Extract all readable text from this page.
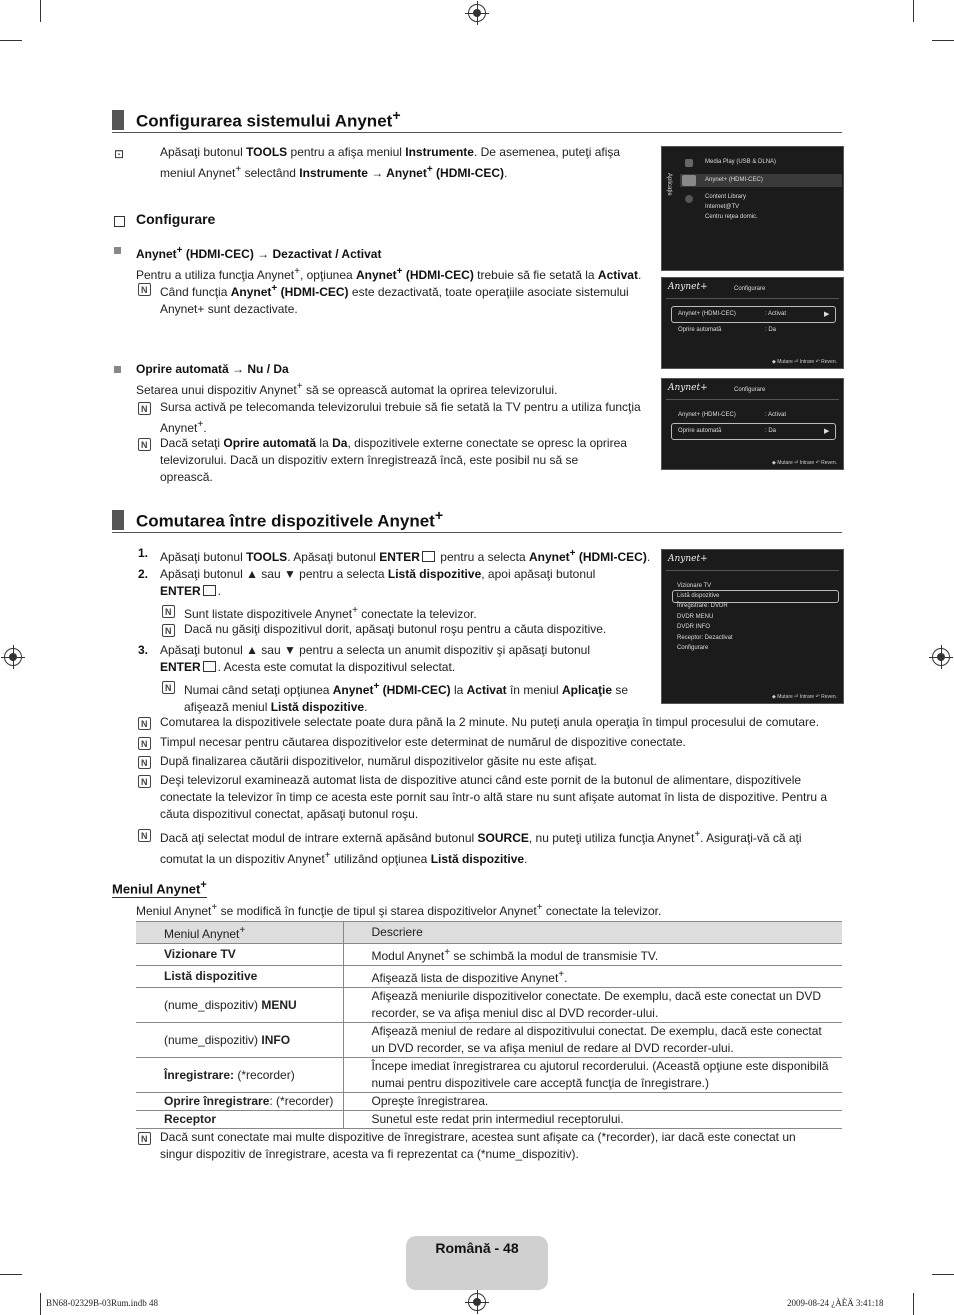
Configurarea sistemului Anynet+
⊡	Apăsaţi butonul TOOLS pentru a afişa meniul Instrumente. De asemenea, puteţi afişa
meniul Anynet+ selectând Instrumente → Anynet+ (HDMI-CEC).
Configurare
Anynet+ (HDMI-CEC) → Dezactivat / Activat
Pentru a utiliza funcţia Anynet+, opţiunea Anynet+ (HDMI-CEC) trebuie să fie setată la Activat.
N
Când funcţia Anynet+ (HDMI-CEC) este dezactivată, toate operaţiile asociate sistemului
Anynet+ sunt dezactivate.
Oprire automată → Nu / Da
Setarea unui dispozitiv Anynet+ să se oprească automat la oprirea televizorului.
N
Sursa activă pe telecomanda televizorului trebuie să fie setată la TV pentru a utiliza funcţia
Anynet+.
N
Dacă setaţi Oprire automată la Da, dispozitivele externe conectate se opresc la oprirea
televizorului. Dacă un dispozitiv extern înregistrează încă, este posibil nu să se
oprească.
Aplicaţie
Media Play (USB & DLNA)
Anynet+ (HDMI-CEC)
Content Library
Internet@TV
Centru reţea domic.
Anynet+	Configurare
Anynet+ (HDMI-CEC)	: Activat	▶
Oprire automată	: Da
◆ Mutare ⏎ Intrare ↶ Reven.
Anynet+	Configurare
Anynet+ (HDMI-CEC)	: Activat
Oprire automată	: Da	▶
◆ Mutare ⏎ Intrare ↶ Reven.
Comutarea între dispozitivele Anynet+
1. Apăsaţi butonul TOOLS. Apăsaţi butonul ENTER pentru a selecta Anynet+ (HDMI-CEC).
2. Apăsaţi butonul ▲ sau ▼ pentru a selecta Listă dispozitive, apoi apăsaţi butonul
ENTER .
N
Sunt listate dispozitivele Anynet+ conectate la televizor.
N
Dacă nu găsiţi dispozitivul dorit, apăsaţi butonul roşu pentru a căuta dispozitive.
3. Apăsaţi butonul ▲ sau ▼ pentru a selecta un anumit dispozitiv şi apăsaţi butonul
ENTER . Acesta este comutat la dispozitivul selectat.
N
Numai când setaţi opţiunea Anynet+ (HDMI-CEC) la Activat în meniul Aplicaţie se
afişează meniul Listă dispozitive.
Anynet+
Vizionare TV
Listă dispozitive
Înregistrare: DVDR
DVDR MENU
DVDR INFO
Receptor: Dezactivat
Configurare
◆ Mutare ⏎ Intrare ↶ Reven.
N
Comutarea la dispozitivele selectate poate dura până la 2 minute. Nu puteţi anula operaţia în timpul procesului de comutare.
N
Timpul necesar pentru căutarea dispozitivelor este determinat de numărul de dispozitive conectate.
N
După finalizarea căutării dispozitivelor, numărul dispozitivelor găsite nu este afişat.
N
Deşi televizorul examinează automat lista de dispozitive atunci când este pornit de la butonul de alimentare, dispozitivele
conectate la televizor în timp ce acesta este pornit sau într-o altă stare nu sunt afişate automat în lista de dispozitive. Pentru a
căuta dispozitivul conectat, apăsaţi butonul roşu.
N
Dacă aţi selectat modul de intrare externă apăsând butonul SOURCE, nu puteţi utiliza funcţia Anynet+. Asiguraţi-vă că aţi
comutat la un dispozitiv Anynet+ utilizând opţiunea Listă dispozitive.
Meniul Anynet+
Meniul Anynet+ se modifică în funcţie de tipul şi starea dispozitivelor Anynet+ conectate la televizor.
Meniul Anynet+	Descriere
Vizionare TV	Modul Anynet+ se schimbă la modul de transmisie TV.
Listă dispozitive	Afişează lista de dispozitive Anynet+.
(nume_dispozitiv) MENU	Afişează meniurile dispozitivelor conectate. De exemplu, dacă este conectat un DVD
recorder, se va afişa meniul disc al DVD recorder-ului.
(nume_dispozitiv) INFO	Afişează meniul de redare al dispozitivului conectat. De exemplu, dacă este conectat
un DVD recorder, se va afişa meniul de redare al DVD recorder-ului.
Înregistrare: (*recorder)	Începe imediat înregistrarea cu ajutorul recorderului. (Această opţiune este disponibilă
numai pentru dispozitivele care acceptă funcţia de înregistrare.)
Oprire înregistrare: (*recorder)	Opreşte înregistrarea.
Receptor	Sunetul este redat prin intermediul receptorului.
N
Dacă sunt conectate mai multe dispozitive de înregistrare, acestea sunt afişate ca (*recorder), iar dacă este conectat un
singur dispozitiv de înregistrare, acesta va fi reprezentat ca (*nume_dispozitiv).
Română - 48
BN68-02329B-03Rum.indb 48	2009-08-24 ¿ÀÈÄ 3:41:18
